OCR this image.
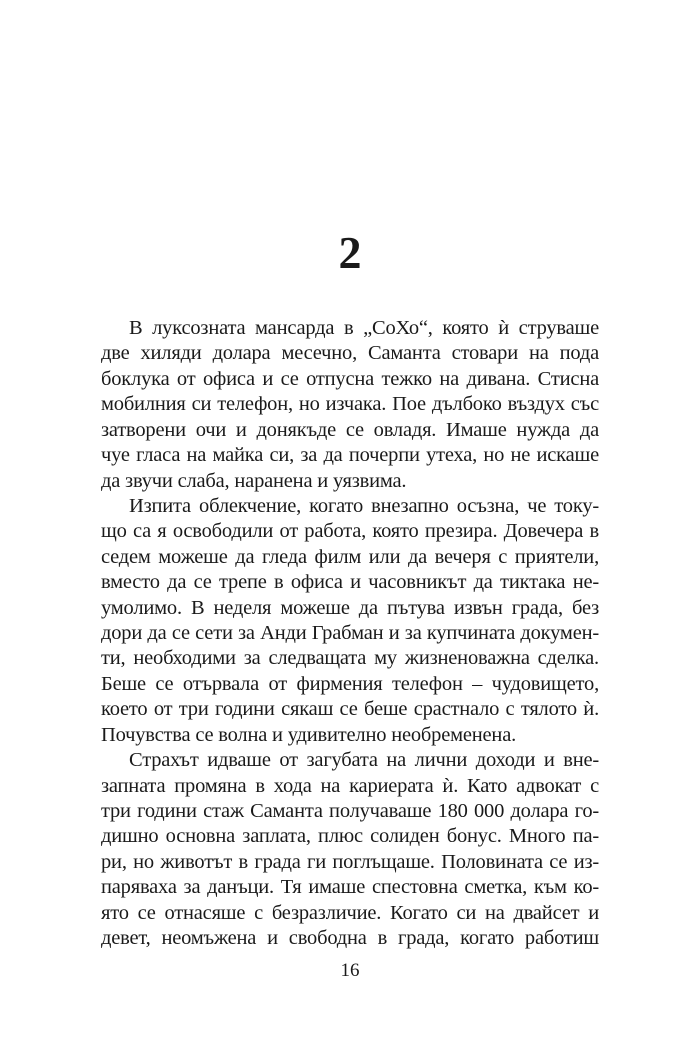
2
В луксозната мансарда в „СоХо“, която ѝ струваше
две хиляди долара месечно, Саманта стовари на пода
боклука от офиса и се отпусна тежко на дивана. Стисна
мобилния си телефон, но изчака. Пое дълбоко въздух със
затворени очи и донякъде се овладя. Имаше нужда да
чуе гласа на майка си, за да почерпи утеха, но не искаше
да звучи слаба, наранена и уязвима.
Изпита облекчение, когато внезапно осъзна, че току-
що са я освободили от работа, която презира. Довечера в
седем можеше да гледа филм или да вечеря с приятели,
вместо да се трепе в офиса и часовникът да тиктака не-
умолимо. В неделя можеше да пътува извън града, без
дори да се сети за Анди Грабман и за купчината докумен-
ти, необходими за следващата му жизненоважна сделка.
Беше се отървала от фирмения телефон – чудовището,
което от три години сякаш се беше срастнало с тялото ѝ.
Почувства се волна и удивително необременена.
Страхът идваше от загубата на лични доходи и вне-
запната промяна в хода на кариерата ѝ. Като адвокат с
три години стаж Саманта получаваше 180 000 долара го-
дишно основна заплата, плюс солиден бонус. Много па-
ри, но животът в града ги поглъщаше. Половината се из-
паряваха за данъци. Тя имаше спестовна сметка, към ко-
ято се отнасяше с безразличие. Когато си на двайсет и
девет, неомъжена и свободна в града, когато работиш
16
